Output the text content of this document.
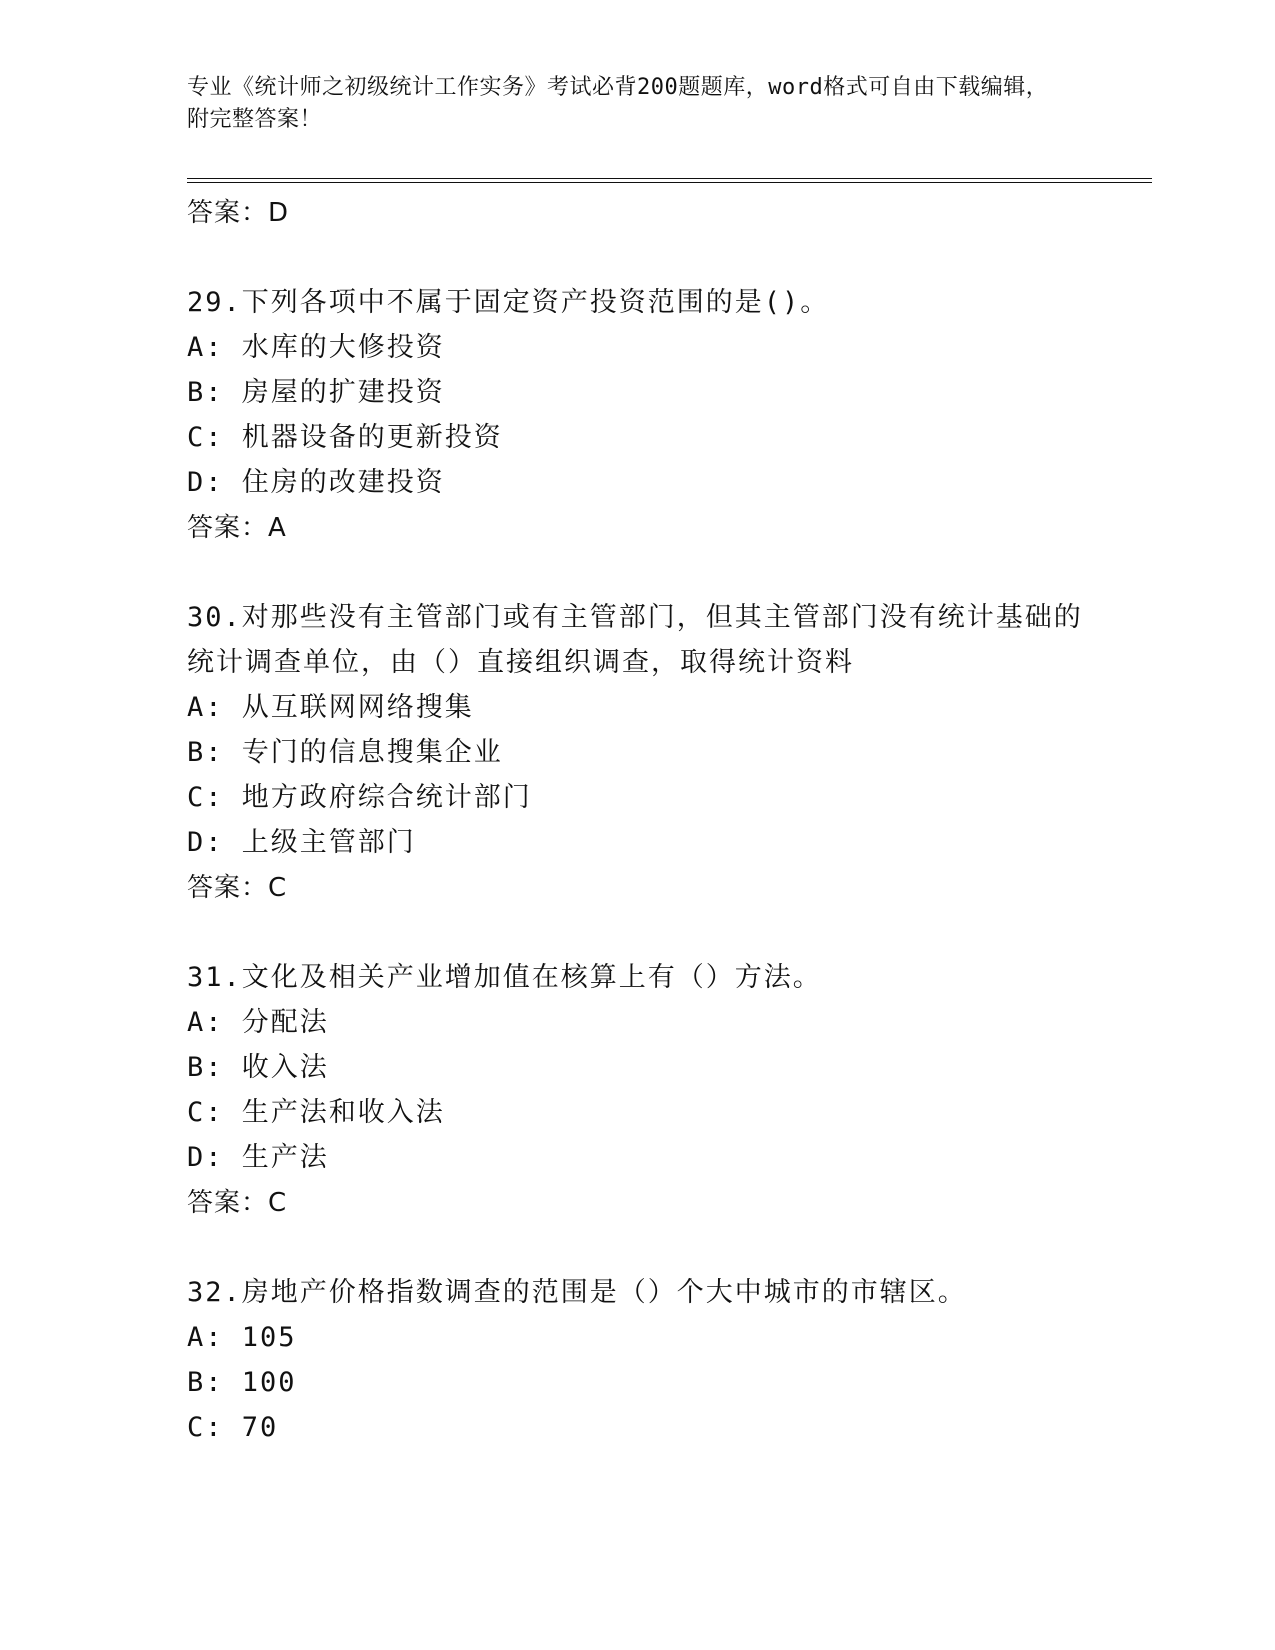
专业《统计师之初级统计工作实务》考试必背200题题库，word格式可自由下载编辑，附完整答案！
答案：D
29.下列各项中不属于固定资产投资范围的是()。
A: 水库的大修投资
B: 房屋的扩建投资
C: 机器设备的更新投资
D: 住房的改建投资
答案：A
30.对那些没有主管部门或有主管部门，但其主管部门没有统计基础的统计调查单位，由（）直接组织调查，取得统计资料
A: 从互联网网络搜集
B: 专门的信息搜集企业
C: 地方政府综合统计部门
D: 上级主管部门
答案：C
31.文化及相关产业增加值在核算上有（）方法。
A: 分配法
B: 收入法
C: 生产法和收入法
D: 生产法
答案：C
32.房地产价格指数调查的范围是（）个大中城市的市辖区。
A: 105
B: 100
C: 70
